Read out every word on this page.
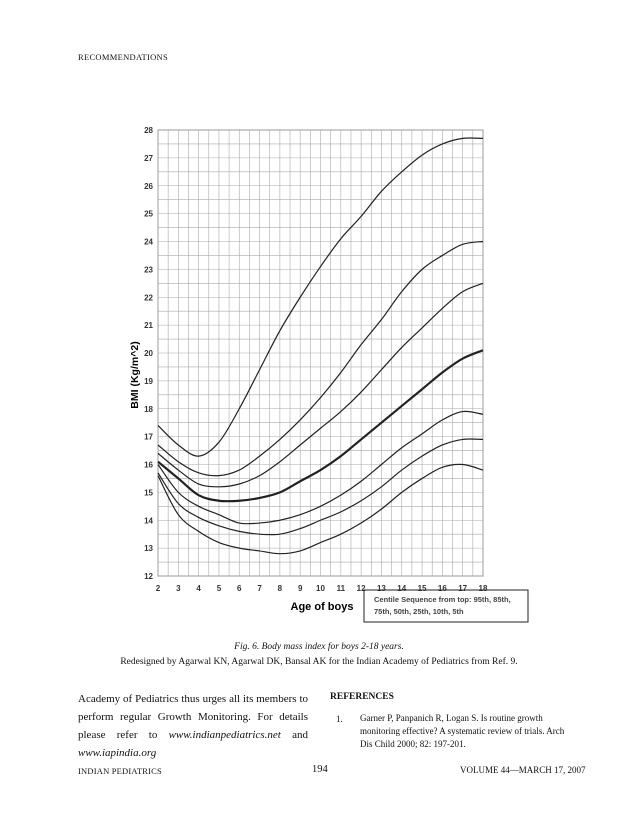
RECOMMENDATIONS
12
13
14
15
16
17
18
19
20
21
22
23
24
25
26
27
28
2 3 4 5 6 7 8 9 10 11 12 13 14 15 16 17 18
BMI (Kg/m^2)
Age of boys
Centile Sequence from top: 95th, 85th,
75th, 50th, 25th, 10th, 5th
Fig. 6. Body mass index for boys 2-18 years.
Redesigned by Agarwal KN, Agarwal DK, Bansal AK for the Indian Academy of Pediatrics from Ref. 9.
Academy of Pediatrics thus urges all its members to perform regular Growth Monitoring. For details please refer to www.indianpediatrics.net and www.iapindia.org
REFERENCES
1. Garner P, Panpanich R, Logan S. Is routine growth monitoring effective? A systematic review of trials. Arch Dis Child 2000; 82: 197-201.
INDIAN PEDIATRICS	194	VOLUME 44—MARCH 17, 2007
